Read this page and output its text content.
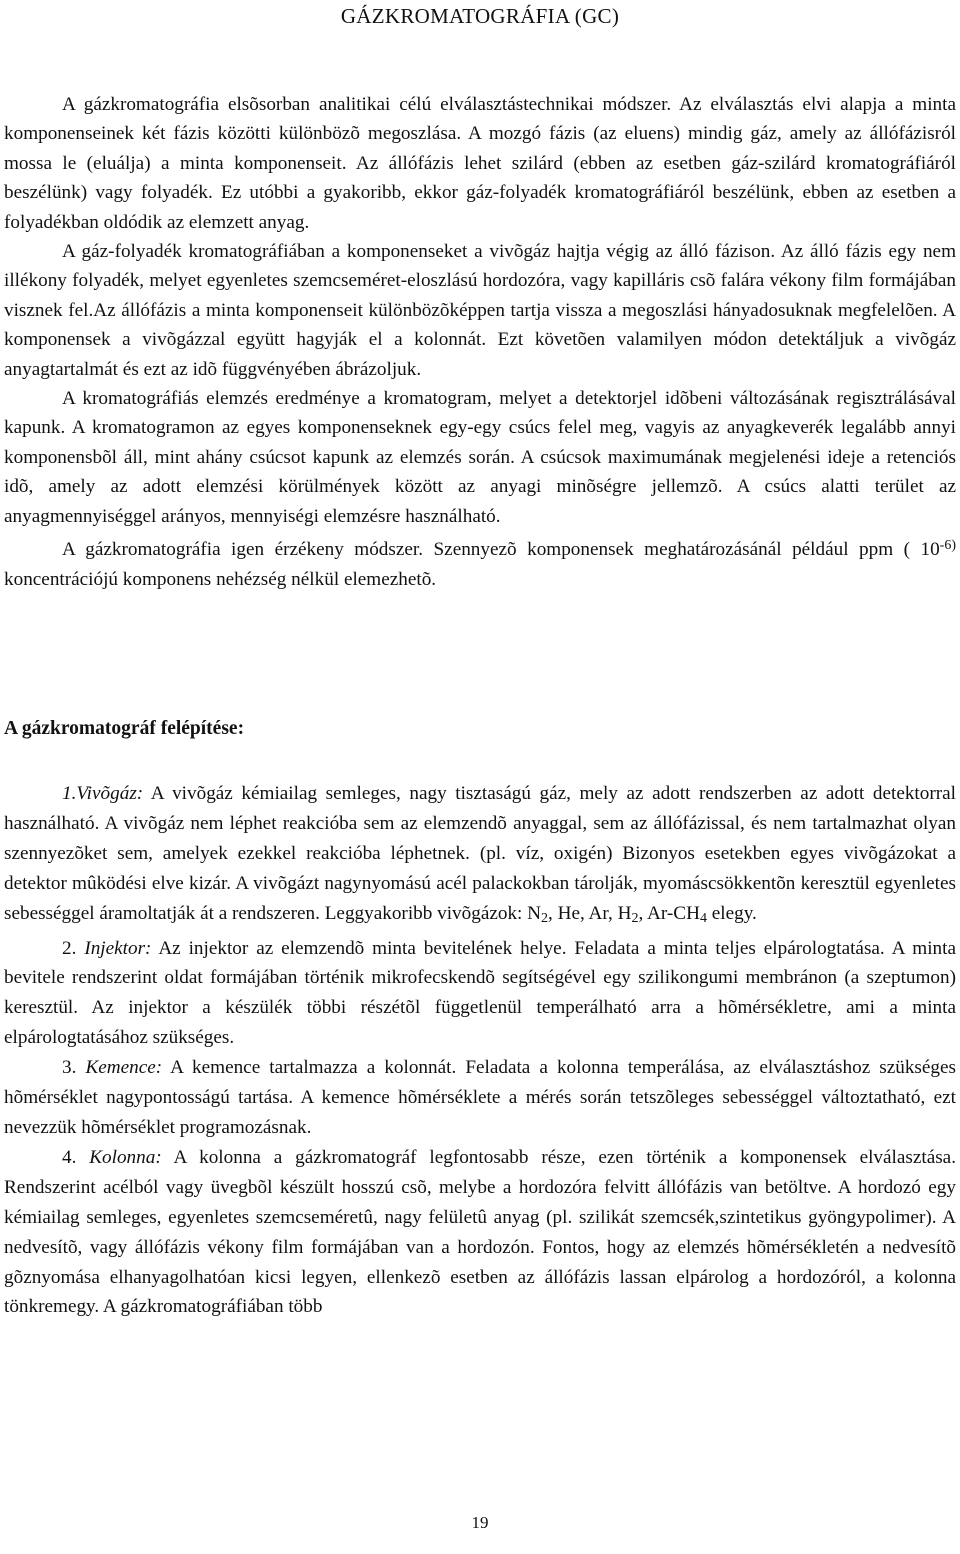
GÁZKROMATOGRÁFIA (GC)

A gázkromatográfia elsõsorban analitikai célú elválasztástechnikai módszer. Az elválasztás elvi alapja a minta komponenseinek két fázis közötti különbözõ megoszlása. A mozgó fázis (az eluens) mindig gáz, amely az állófázisról mossa le (eluálja) a minta komponenseit. Az állófázis lehet szilárd (ebben az esetben gáz-szilárd kromatográfiáról beszélünk) vagy folyadék. Ez utóbbi a gyakoribb, ekkor gáz-folyadék kromatográfiáról beszélünk, ebben az esetben a folyadékban oldódik az elemzett anyag.

A gáz-folyadék kromatográfiában a komponenseket a vivõgáz hajtja végig az álló fázison. Az álló fázis egy nem illékony folyadék, melyet egyenletes szemcseméret-eloszlású hordozóra, vagy kapilláris csõ falára vékony film formájában visznek fel.Az állófázis a minta komponenseit különbözõképpen tartja vissza a megoszlási hányadosuknak megfelelõen. A komponensek a vivõgázzal együtt hagyják el a kolonnát. Ezt követõen valamilyen módon detektáljuk a vivõgáz anyagtartalmát és ezt az idõ függvényében ábrázoljuk.

A kromatográfiás elemzés eredménye a kromatogram, melyet a detektorjel idõbeni változásának regisztrálásával kapunk. A kromatogramon az egyes komponenseknek egy-egy csúcs felel meg, vagyis az anyagkeverék legalább annyi komponensbõl áll, mint ahány csúcsot kapunk az elemzés során. A csúcsok maximumának megjelenési ideje a retenciós idõ, amely az adott elemzési körülmények között az anyagi minõségre jellemzõ. A csúcs alatti terület az anyagmennyiséggel arányos, mennyiségi elemzésre használható.

A gázkromatográfia igen érzékeny módszer. Szennyezõ komponensek meghatározásánál például ppm ( $10^{-6)}$ koncentrációjú komponens nehézség nélkül elemezhetõ.

A gázkromatográf felépítése:

1.Vivõgáz: A vivõgáz kémiailag semleges, nagy tisztaságú gáz, mely az adott rendszerben az adott detektorral használható. A vivõgáz nem léphet reakcióba sem az elemzendõ anyaggal, sem az állófázissal, és nem tartalmazhat olyan szennyezõket sem, amelyek ezekkel reakcióba léphetnek. (pl. víz, oxigén) Bizonyos esetekben egyes vivõgázokat a detektor mûködési elve kizár. A vivõgázt nagynyomású acél palackokban tárolják, myomáscsökkentõn keresztül egyenletes sebességgel áramoltatják át a rendszeren. Leggyakoribb vivõgázok: $N_2$, He, Ar, $H_2$, $Ar-CH_4$ elegy.

2. Injektor: Az injektor az elemzendõ minta bevitelének helye. Feladata a minta teljes elpárologtatása. A minta bevitele rendszerint oldat formájában történik mikrofecskendõ segítségével egy szilikongumi membránon (a szeptumon) keresztül. Az injektor a készülék többi részétõl függetlenül temperálható arra a hõmérsékletre, ami a minta elpárologtatásához szükséges.

3. Kemence: A kemence tartalmazza a kolonnát. Feladata a kolonna temperálása, az elválasztáshoz szükséges hõmérséklet nagypontosságú tartása. A kemence hõmérséklete a mérés során tetszõleges sebességgel változtatható, ezt nevezzük hõmérséklet programozásnak.

4. Kolonna: A kolonna a gázkromatográf legfontosabb része, ezen történik a komponensek elválasztása. Rendszerint acélból vagy üvegbõl készült hosszú csõ, melybe a hordozóra felvitt állófázis van betöltve. A hordozó egy kémiailag semleges, egyenletes szemcseméretû, nagy felületû anyag (pl. szilikát szemcsék,szintetikus gyöngypolimer). A nedvesítõ, vagy állófázis vékony film formájában van a hordozón. Fontos, hogy az elemzés hõmérsékletén a nedvesítõ gõznyomása elhanyagolhatóan kicsi legyen, ellenkezõ esetben az állófázis lassan elpárolog a hordozóról, a kolonna tönkremegy. A gázkromatográfiában több

19
